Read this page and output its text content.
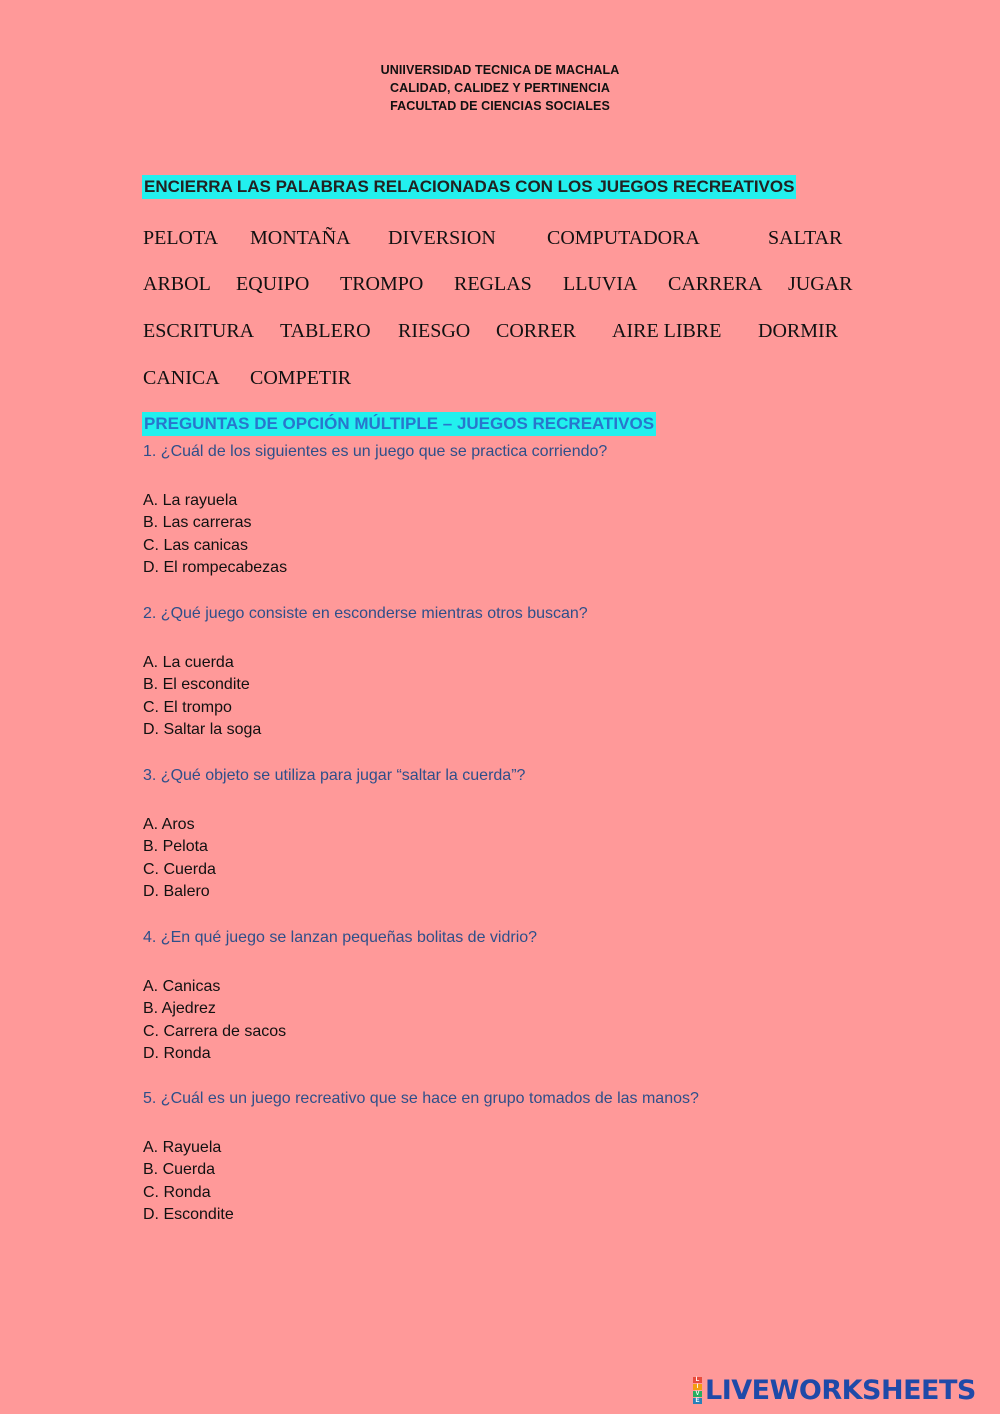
UNIIVERSIDAD TECNICA DE MACHALA
CALIDAD, CALIDEZ Y PERTINENCIA
FACULTAD DE CIENCIAS SOCIALES
ENCIERRA LAS PALABRAS RELACIONADAS CON LOS JUEGOS RECREATIVOS
PELOTA MONTAÑA DIVERSION	COMPUTADORA	SALTAR
ARBOL EQUIPO TROMPO REGLAS LLUVIA CARRERA JUGAR
ESCRITURA TABLERO RIESGO CORRER AIRE LIBRE DORMIR
CANICA COMPETIR
PREGUNTAS DE OPCIÓN MÚLTIPLE – JUEGOS RECREATIVOS
1. ¿Cuál de los siguientes es un juego que se practica corriendo?
A. La rayuela
B. Las carreras
C. Las canicas
D. El rompecabezas
2. ¿Qué juego consiste en esconderse mientras otros buscan?
A. La cuerda
B. El escondite
C. El trompo
D. Saltar la soga
3. ¿Qué objeto se utiliza para jugar “saltar la cuerda”?
A. Aros
B. Pelota
C. Cuerda
D. Balero
4. ¿En qué juego se lanzan pequeñas bolitas de vidrio?
A. Canicas
B. Ajedrez
C. Carrera de sacos
D. Ronda
5. ¿Cuál es un juego recreativo que se hace en grupo tomados de las manos?
A. Rayuela
B. Cuerda
C. Ronda
D. Escondite
L
I
V
E LIVEWORKSHEETS
